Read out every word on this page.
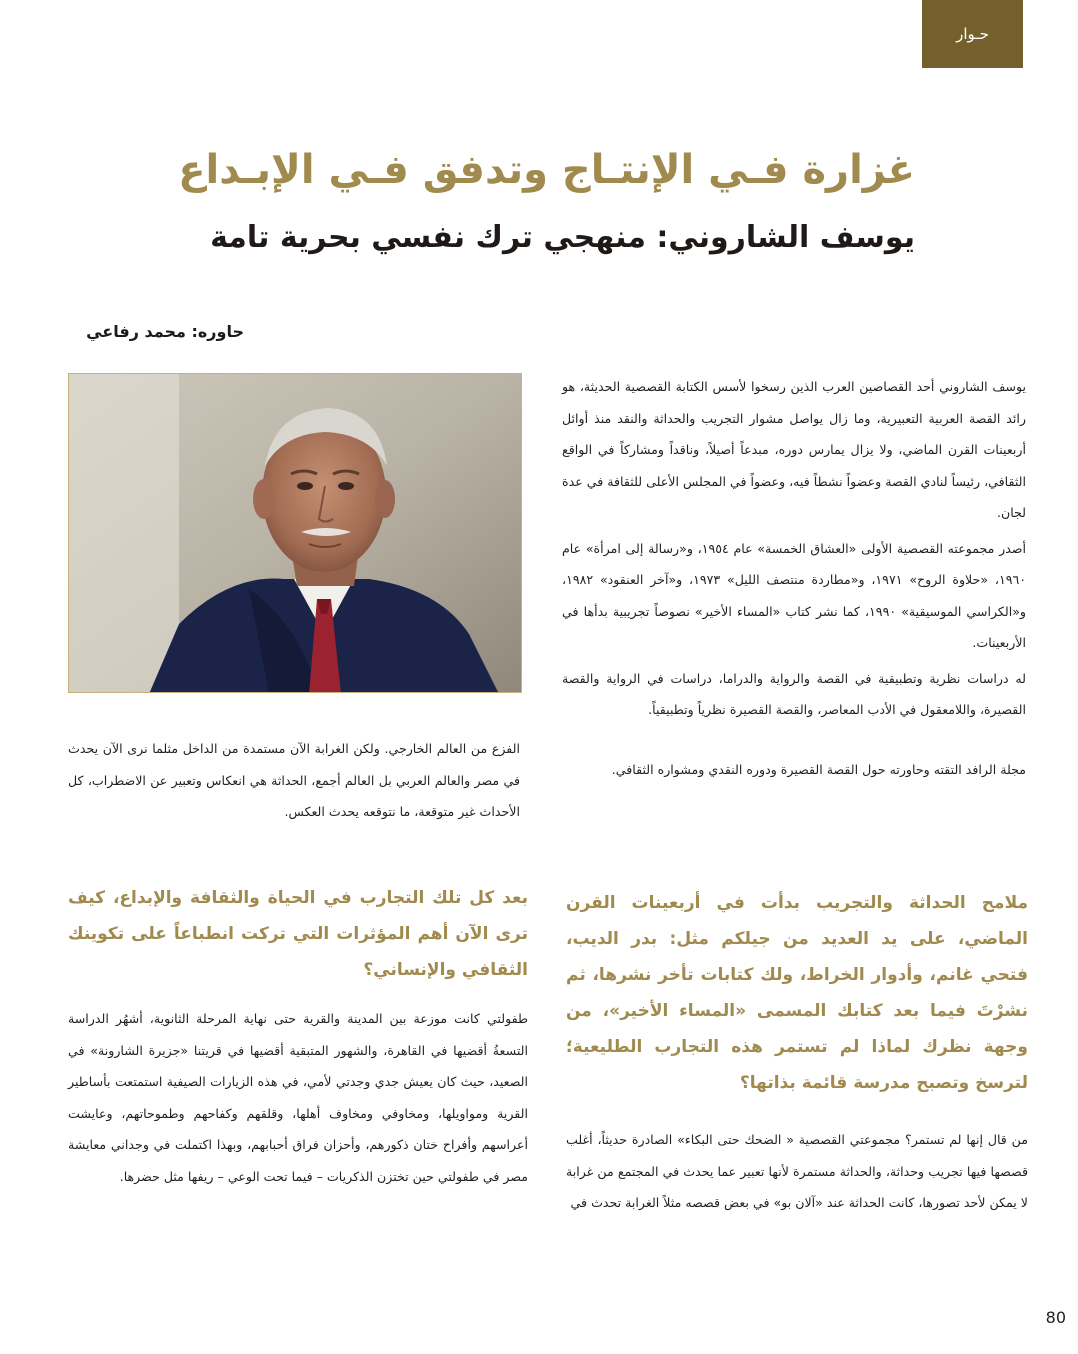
حـوار
غزارة فـي الإنتـاج وتدفق فـي الإبـداع
يوسف الشاروني: منهجي ترك نفسي بحرية تامة
حاوره: محمد رفاعي

يوسف الشاروني أحد القصاصين العرب الذين رسخوا لأسس الكتابة القصصية الحديثة، هو رائد القصة العربية التعبيرية، وما زال يواصل مشوار التجريب والحداثة والنقد منذ أوائل أربعينات القرن الماضي، ولا يزال يمارس دوره، مبدعاً أصيلاً، وناقداً ومشاركاً في الواقع الثقافي، رئيساً لنادي القصة وعضواً نشطاً فيه، وعضواً في المجلس الأعلى للثقافة في عدة لجان.

أصدر مجموعته القصصية الأولى «العشاق الخمسة» عام ١٩٥٤، و«رسالة إلى امرأة» عام ١٩٦٠، «حلاوة الروح» ١٩٧١، و«مطاردة منتصف الليل» ١٩٧٣، و«آخر العنقود» ١٩٨٢، و«الكراسي الموسيقية» ١٩٩٠، كما نشر كتاب «المساء الأخير» نصوصاً تجريبية بدأها في الأربعينات.

له دراسات نظرية وتطبيقية في القصة والرواية والدراما، دراسات في الرواية والقصة القصيرة، واللامعقول في الأدب المعاصر، والقصة القصيرة نظرياً وتطبيقياً.

مجلة الرافد التقته وحاورته حول القصة القصيرة ودوره النقدي ومشواره الثقافي.

الفزع من العالم الخارجي. ولكن الغرابة الآن مستمدة من الداخل مثلما نرى الآن يحدث في مصر والعالم العربي بل العالم أجمع، الحداثة هي انعكاس وتعبير عن الاضطراب، كل الأحداث غير متوقعة، ما نتوقعه يحدث العكس.

ملامح الحداثة والتجريب بدأت في أربعينات القرن الماضي، على يد العديد من جيلكم مثل: بدر الديب، فتحي غانم، وأدوار الخراط، ولك كتابات تأخر نشرها، ثم نشرْتَ فيما بعد كتابك المسمى «المساء الأخير»، من وجهة نظرك لماذا لم تستمر هذه التجارب الطليعية؛ لترسخ وتصبح مدرسة قائمة بذاتها؟

من قال إنها لم تستمر؟ مجموعتي القصصية « الضحك حتى البكاء» الصادرة حديثاً، أغلب قصصها فيها تجريب وحداثة، والحداثة مستمرة لأنها تعبير عما يحدث في المجتمع من غرابة لا يمكن لأحد تصورها، كانت الحداثة عند «آلان بو» في بعض قصصه مثلاً الغرابة تحدث في

بعد كل تلك التجارب في الحياة والثقافة والإبداع، كيف ترى الآن أهم المؤثرات التي تركت انطباعاً على تكوينك الثقافي والإنساني؟

طفولتي كانت موزعة بين المدينة والقرية حتى نهاية المرحلة الثانوية، أشهُر الدراسة التسعةُ أقضيها في القاهرة، والشهور المتبقية أقضيها في قريتنا «جزيرة الشارونة» في الصعيد، حيث كان يعيش جدي وجدتي لأمي، في هذه الزيارات الصيفية استمتعت بأساطير القرية ومواويلها، ومخاوفي ومخاوف أهلها، وقلقهم وكفاحهم وطموحاتهم، وعايشت أعراسهم وأفراح ختان ذكورهم، وأحزان فراق أحبابهم، وبهذا اكتملت في وجداني معايشة مصر في طفولتي حين تختزن الذكريات – فيما تحت الوعي – ريفها مثل حضرها.

80
